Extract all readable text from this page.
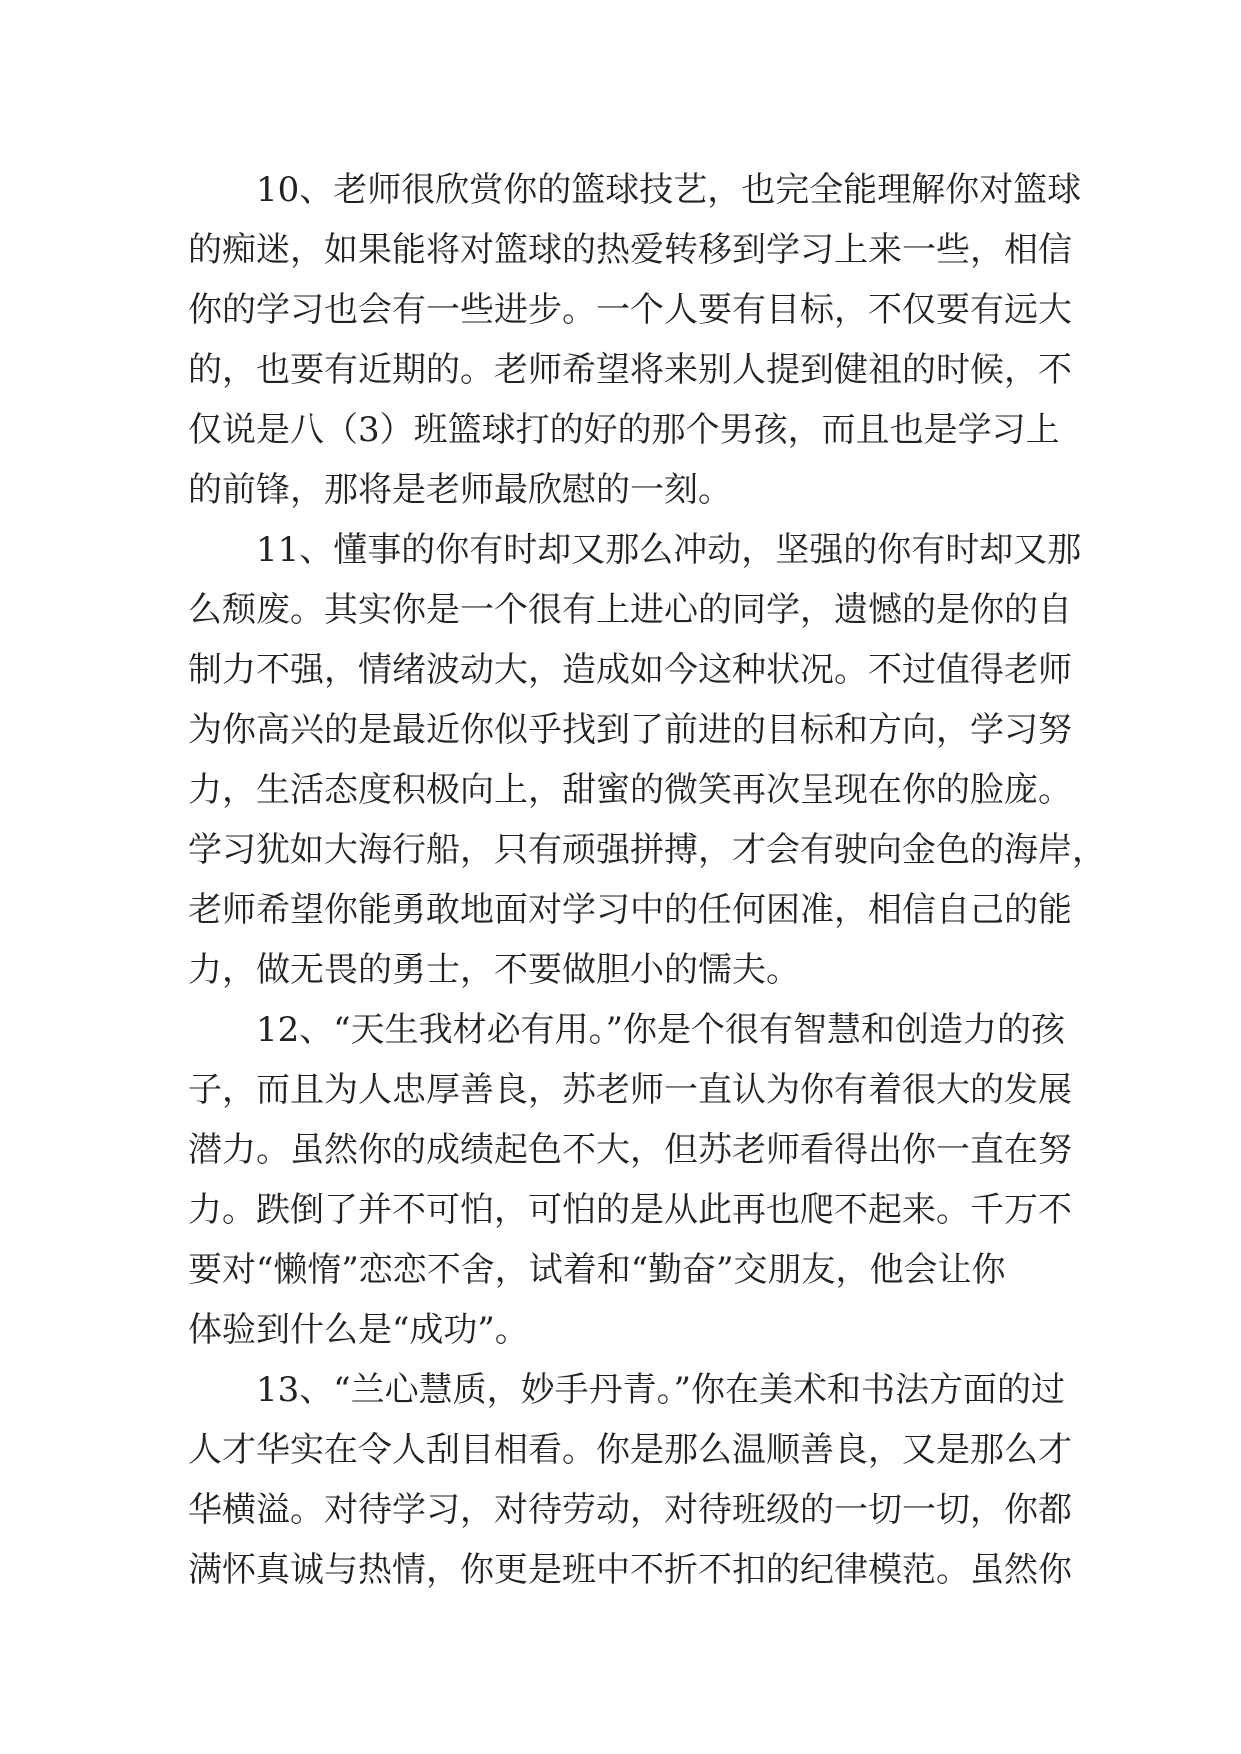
10、老师很欣赏你的篮球技艺，也完全能理解你对篮球
的痴迷，如果能将对篮球的热爱转移到学习上来一些，相信
你的学习也会有一些进步。一个人要有目标，不仅要有远大
的，也要有近期的。老师希望将来别人提到健祖的时候，不
仅说是八（3）班篮球打的好的那个男孩，而且也是学习上
的前锋，那将是老师最欣慰的一刻。
11、懂事的你有时却又那么冲动，坚强的你有时却又那
么颓废。其实你是一个很有上进心的同学，遗憾的是你的自
制力不强，情绪波动大，造成如今这种状况。不过值得老师
为你高兴的是最近你似乎找到了前进的目标和方向，学习努
力，生活态度积极向上，甜蜜的微笑再次呈现在你的脸庞。
学习犹如大海行船，只有顽强拼搏，才会有驶向金色的海岸，
老师希望你能勇敢地面对学习中的任何困准，相信自己的能
力，做无畏的勇士，不要做胆小的懦夫。
12、“天生我材必有用。”你是个很有智慧和创造力的孩
子，而且为人忠厚善良，苏老师一直认为你有着很大的发展
潜力。虽然你的成绩起色不大，但苏老师看得出你一直在努
力。跌倒了并不可怕，可怕的是从此再也爬不起来。千万不
要对“懒惰”恋恋不舍，试着和“勤奋”交朋友，他会让你
体验到什么是“成功”。
13、“兰心慧质，妙手丹青。”你在美术和书法方面的过
人才华实在令人刮目相看。你是那么温顺善良，又是那么才
华横溢。对待学习，对待劳动，对待班级的一切一切，你都
满怀真诚与热情，你更是班中不折不扣的纪律模范。虽然你
